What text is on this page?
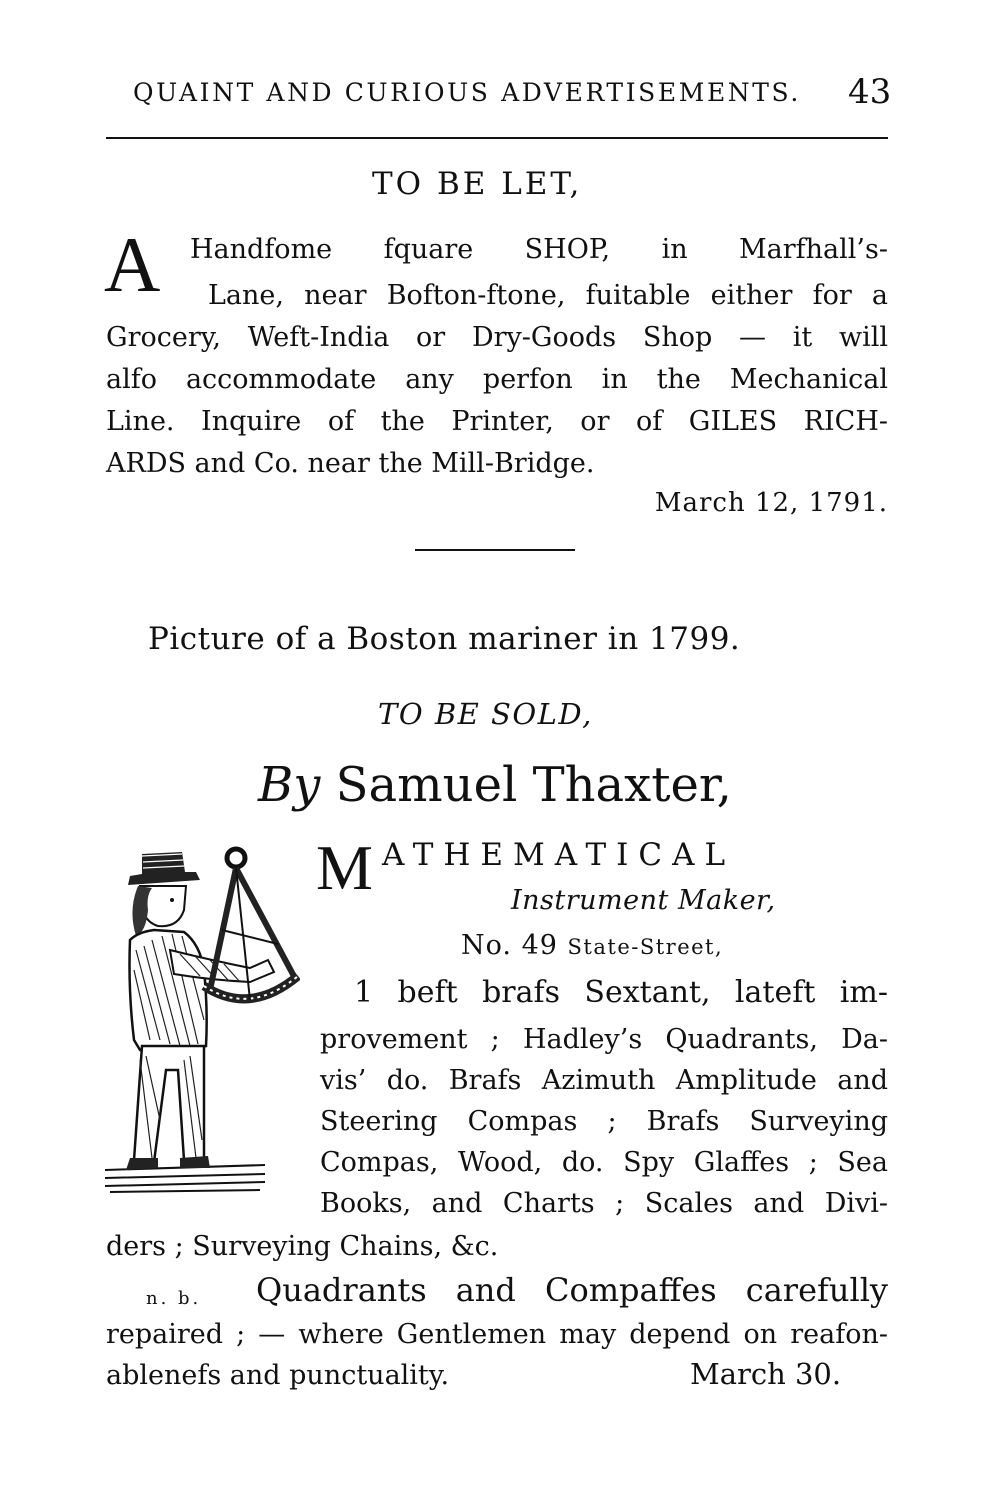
QUAINT AND CURIOUS ADVERTISEMENTS. 43
TO BE LET,
A Handfome fquare SHOP, in Marfhall’s-
Lane, near Bofton-ftone, fuitable either for a
Grocery, Weft-India or Dry-Goods Shop — it will
alfo accommodate any perfon in the Mechanical
Line. Inquire of the Printer, or of GILES RICH-
ARDS and Co. near the Mill-Bridge.
March 12, 1791.
Picture of a Boston mariner in 1799.
TO BE SOLD,
By Samuel Thaxter,
M ATHEMATICAL
Instrument Maker,
No. 49 State-Street,
1 beft brafs Sextant, lateft im-
provement ; Hadley’s Quadrants, Da-
vis’ do. Brafs Azimuth Amplitude and
Steering Compas ; Brafs Surveying
Compas, Wood, do. Spy Glaffes ; Sea
Books, and Charts ; Scales and Divi-
ders ; Surveying Chains, &c.
n. b. Quadrants and Compaffes carefully
repaired ; — where Gentlemen may depend on reafon-
ablenefs and punctuality.	March 30.
